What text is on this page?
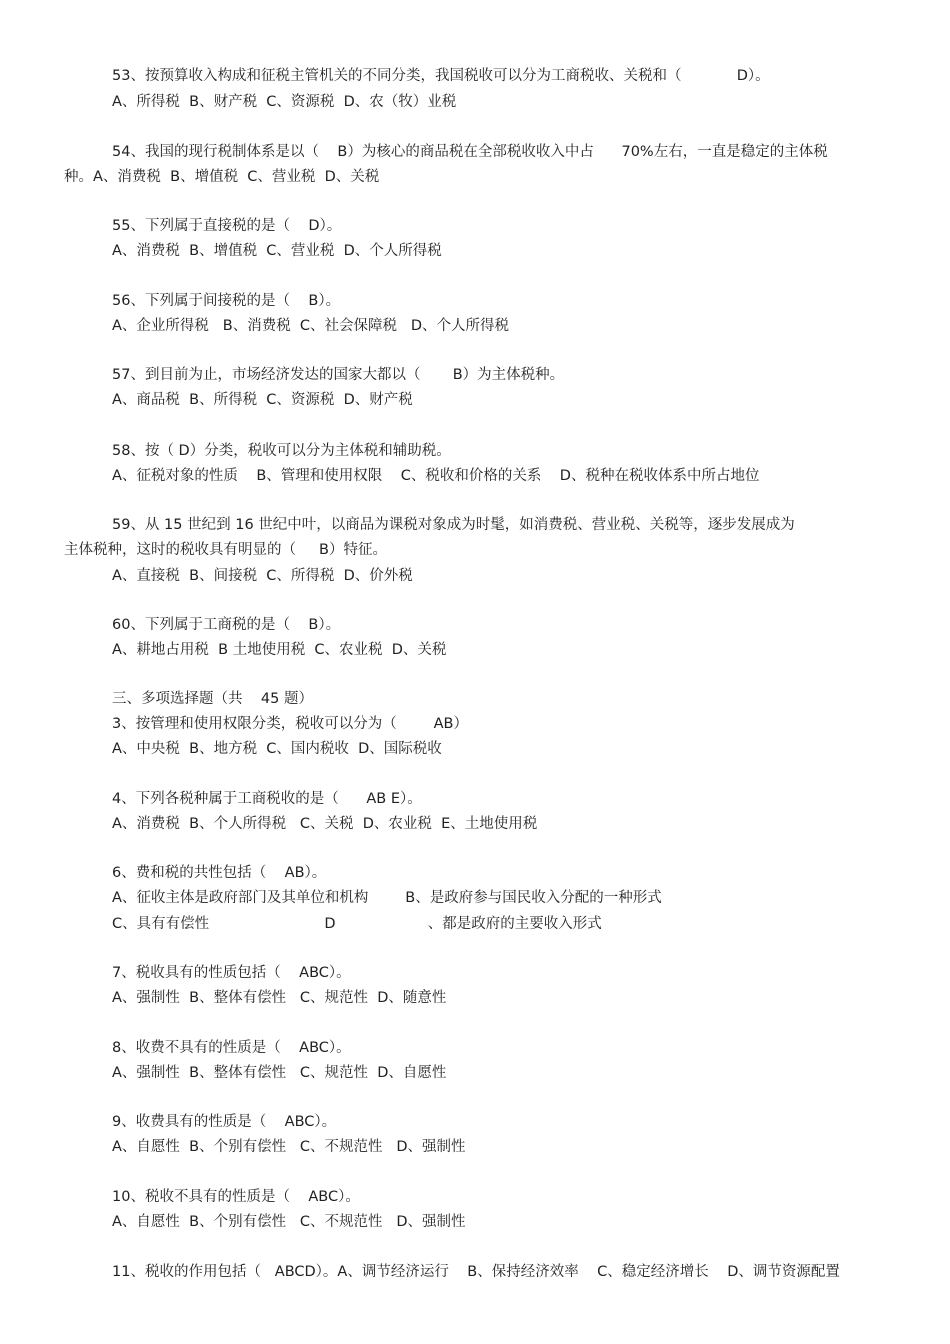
53、按预算收入构成和征税主管机关的不同分类，我国税收可以分为工商税收、关税和（            D）。
A、所得税  B、财产税  C、资源税  D、农（牧）业税
54、我国的现行税制体系是以（    B）为核心的商品税在全部税收收入中占      70%左右，一直是稳定的主体税
种。A、消费税  B、增值税  C、营业税  D、关税
55、下列属于直接税的是（    D）。
A、消费税  B、增值税  C、营业税  D、个人所得税
56、下列属于间接税的是（    B）。
A、企业所得税   B、消费税  C、社会保障税   D、个人所得税
57、到目前为止，市场经济发达的国家大都以（       B）为主体税种。
A、商品税  B、所得税  C、资源税  D、财产税
58、按（ D）分类，税收可以分为主体税和辅助税。
A、征税对象的性质    B、管理和使用权限    C、税收和价格的关系    D、税种在税收体系中所占地位
59、从 15 世纪到 16 世纪中叶，以商品为课税对象成为时髦，如消费税、营业税、关税等，逐步发展成为
主体税种，这时的税收具有明显的（     B）特征。
A、直接税  B、间接税  C、所得税  D、价外税
60、下列属于工商税的是（    B）。
A、耕地占用税  B 土地使用税  C、农业税  D、关税
三、多项选择题（共    45 题）
3、按管理和使用权限分类，税收可以分为（        AB）
A、中央税  B、地方税  C、国内税收  D、国际税收
4、下列各税种属于工商税收的是（      AB E）。
A、消费税  B、个人所得税   C、关税  D、农业税  E、土地使用税
6、费和税的共性包括（    AB）。
A、征收主体是政府部门及其单位和机构        B、是政府参与国民收入分配的一种形式
C、具有有偿性                         D                    、都是政府的主要收入形式
7、税收具有的性质包括（    ABC）。
A、强制性  B、整体有偿性   C、规范性  D、随意性
8、收费不具有的性质是（    ABC）。
A、强制性  B、整体有偿性   C、规范性  D、自愿性
9、收费具有的性质是（    ABC）。
A、自愿性  B、个别有偿性   C、不规范性   D、强制性
10、税收不具有的性质是（    ABC）。
A、自愿性  B、个别有偿性   C、不规范性   D、强制性
11、税收的作用包括（   ABCD）。A、调节经济运行    B、保持经济效率    C、稳定经济增长    D、调节资源配置
